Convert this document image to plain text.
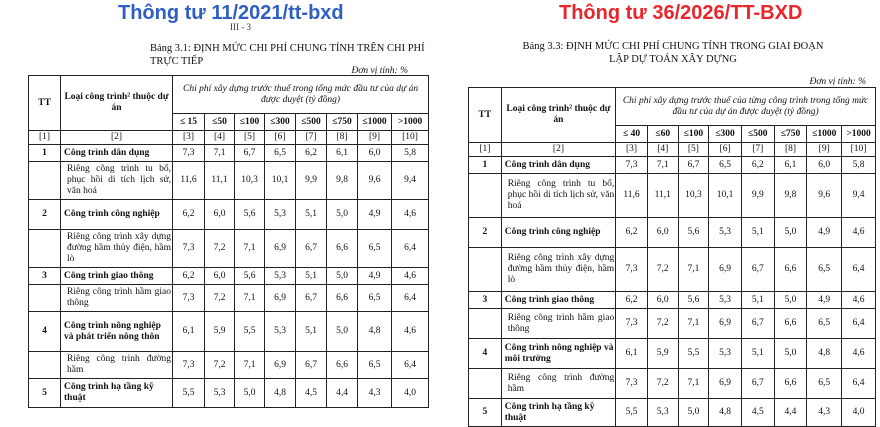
Thông tư 11/2021/tt-bxd
III - 3
Bảng 3.1: ĐỊNH MỨC CHI PHÍ CHUNG TÍNH TRÊN CHI PHÍ TRỰC TIẾP
Đơn vị tính: %
TT	Loại công trình² thuộc dự án	Chi phí xây dựng trước thuế trong tổng mức đầu tư của dự án được duyệt (tỷ đồng)							
		≤ 15	≤50	≤100	≤300	≤500	≤750	≤1000	>1000
[1]	[2]	[3]	[4]	[5]	[6]	[7]	[8]	[9]	[10]
1	Công trình dân dụng	7,3	7,1	6,7	6,5	6,2	6,1	6,0	5,8
	Riêng công trình tu bổ, phục hồi di tích lịch sử, văn hoá	11,6	11,1	10,3	10,1	9,9	9,8	9,6	9,4
2	Công trình công nghiệp	6,2	6,0	5,6	5,3	5,1	5,0	4,9	4,6
	Riêng công trình xây dựng đường hầm thủy điện, hầm lò	7,3	7,2	7,1	6,9	6,7	6,6	6,5	6,4
3	Công trình giao thông	6,2	6,0	5,6	5,3	5,1	5,0	4,9	4,6
	Riêng công trình hầm giao thông	7,3	7,2	7,1	6,9	6,7	6,6	6,5	6,4
4	Công trình nông nghiệp và phát triển nông thôn	6,1	5,9	5,5	5,3	5,1	5,0	4,8	4,6
	Riêng công trình đường hầm	7,3	7,2	7,1	6,9	6,7	6,6	6,5	6,4
5	Công trình hạ tầng kỹ thuật	5,5	5,3	5,0	4,8	4,5	4,4	4,3	4,0
Thông tư 36/2026/TT-BXD
Bảng 3.3: ĐỊNH MỨC CHI PHÍ CHUNG TÍNH TRONG GIAI ĐOẠN
LẬP DỰ TOÁN XÂY DỰNG
Đơn vị tính: %
TT	Loại công trình² thuộc dự án	Chi phí xây dựng trước thuế của từng công trình trong tổng mức đầu tư của dự án được duyệt (tỷ đồng)							
		≤ 40	≤60	≤100	≤300	≤500	≤750	≤1000	>1000
[1]	[2]	[3]	[4]	[5]	[6]	[7]	[8]	[9]	[10]
1	Công trình dân dụng	7,3	7,1	6,7	6,5	6,2	6,1	6,0	5,8
	Riêng công trình tu bổ, phục hồi di tích lịch sử, văn hoá	11,6	11,1	10,3	10,1	9,9	9,8	9,6	9,4
2	Công trình công nghiệp	6,2	6,0	5,6	5,3	5,1	5,0	4,9	4,6
	Riêng công trình xây dựng đường hầm thủy điện, hầm lò	7,3	7,2	7,1	6,9	6,7	6,6	6,5	6,4
3	Công trình giao thông	6,2	6,0	5,6	5,3	5,1	5,0	4,9	4,6
	Riêng công trình hầm giao thông	7,3	7,2	7,1	6,9	6,7	6,6	6,5	6,4
4	Công trình nông nghiệp và môi trường	6,1	5,9	5,5	5,3	5,1	5,0	4,8	4,6
	Riêng công trình đường hầm	7,3	7,2	7,1	6,9	6,7	6,6	6,5	6,4
5	Công trình hạ tầng kỹ thuật	5,5	5,3	5,0	4,8	4,5	4,4	4,3	4,0
